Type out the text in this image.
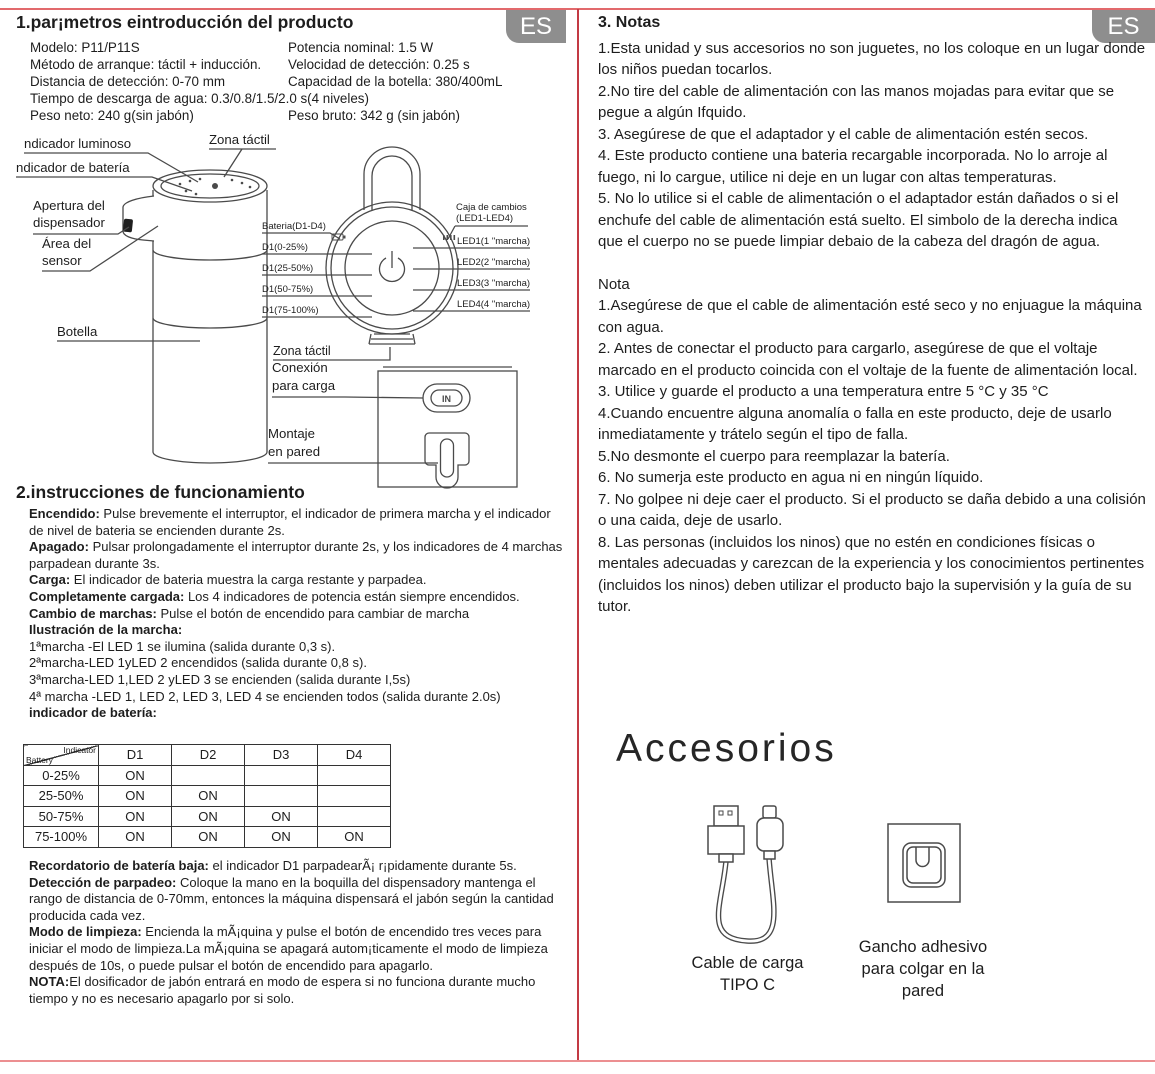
ES	ES
1.par¡metros eintroducción del producto
Modelo: P11/P11S	Potencia nominal: 1.5 W
Método de arranque: táctil + inducción. Velocidad de detección: 0.25 s
Distancia de detección: 0-70 mm	Capacidad de la botella: 380/400mL
Tiempo de descarga de agua: 0.3/0.8/1.5/2.0 s(4 niveles)
Peso neto: 240 g(sin jabón)	Peso bruto: 342 g (sin jabón)
IN
ndicador luminoso
ndicador de batería
Zona táctil
Apertura del
dispensador
Área del
sensor
Botella
Bateria(D1-D4)
D1(0-25%)
D1(25-50%)
D1(50-75%)
D1(75-100%)
Caja de cambios
(LED1-LED4)
LED1(1 "marcha)
LED2(2 "marcha)
LED3(3 "marcha)
LED4(4 "marcha)
Zona táctil
Conexión
para carga
Montaje
en pared
2.instrucciones de funcionamiento

Encendido: Pulse brevemente el interruptor, el indicador de primera marcha y el indicador de nivel de bateria se encienden durante 2s.

Apagado: Pulsar prolongadamente el interruptor durante 2s, y los indicadores de 4 marchas parpadean durante 3s.

Carga: El indicador de bateria muestra la carga restante y parpadea.

Completamente cargada: Los 4 indicadores de potencia están siempre encendidos.

Cambio de marchas: Pulse el botón de encendido para cambiar de marcha

Ilustración de la marcha:

1ªmarcha -El LED 1 se ilumina (salida durante 0,3 s).

2ªmarcha-LED 1yLED 2 encendidos (salida durante 0,8 s).

3ªmarcha-LED 1,LED 2 yLED 3 se encienden (salida durante I,5s)

4ª marcha -LED 1, LED 2, LED 3, LED 4 se encienden todos (salida durante 2.0s)

indicador de batería:

Indicator
Battery	D1	D2	D3	D4
0-25%	ON			
25-50%	ON	ON		
50-75%	ON	ON	ON	
75-100%	ON	ON	ON	ON

Recordatorio de batería baja: el indicador D1 parpadearÃ¡ r¡pidamente durante 5s.

Detección de parpadeo: Coloque la mano en la boquilla del dispensadory mantenga el rango de distancia de 0-70mm, entonces la máquina dispensará el jabón según la cantidad producida cada vez.

Modo de limpieza: Encienda la mÃ¡quina y pulse el botón de encendido tres veces para iniciar el modo de limpieza.La mÃ¡quina se apagará autom¡ticamente el modo de limpieza después de 10s, o puede pulsar el botón de encendido para apagarlo.

NOTA:El dosificador de jabón entrará en modo de espera si no funciona durante mucho tiempo y no es necesario apagarlo por si solo.

3. Notas

1.Esta unidad y sus accesorios no son juguetes, no los coloque en un lugar donde los niños puedan tocarlos.

2.No tire del cable de alimentación con las manos mojadas para evitar que se pegue a algún Ifquido.

3. Asegúrese de que el adaptador y el cable de alimentación estén secos.

4. Este producto contiene una bateria recargable incorporada. No lo arroje al fuego, ni lo cargue, utilice ni deje en un lugar con altas temperaturas.

5. No lo utilice si el cable de alimentación o el adaptador están dañados o si el enchufe del cable de alimentación está suelto. El simbolo de la derecha indica que el cuerpo no se puede limpiar debaio de la cabeza del dragón de agua.

Nota

1.Asegúrese de que el cable de alimentación esté seco y no enjuague la máquina con agua.

2. Antes de conectar el producto para cargarlo, asegúrese de que el voltaje marcado en el producto coincida con el voltaje de la fuente de alimentación local.

3. Utilice y guarde el producto a una temperatura entre 5 °C y 35 °C

4.Cuando encuentre alguna anomalía o falla en este producto, deje de usarlo inmediatamente y trátelo según el tipo de falla.

5.No desmonte el cuerpo para reemplazar la batería.

6. No sumerja este producto en agua ni en ningún líquido.

7. No golpee ni deje caer el producto. Si el producto se daña debido a una colisión o una caida, deje de usarlo.

8. Las personas (incluidos los ninos) que no estén en condiciones físicas o mentales adecuadas y carezcan de la experiencia y los conocimientos pertinentes (incluidos los ninos) deben utilizar el producto bajo la supervisión y la guía de su tutor.

Accesorios
Cable de carga
TIPO C
Gancho adhesivo
para colgar en la
pared
